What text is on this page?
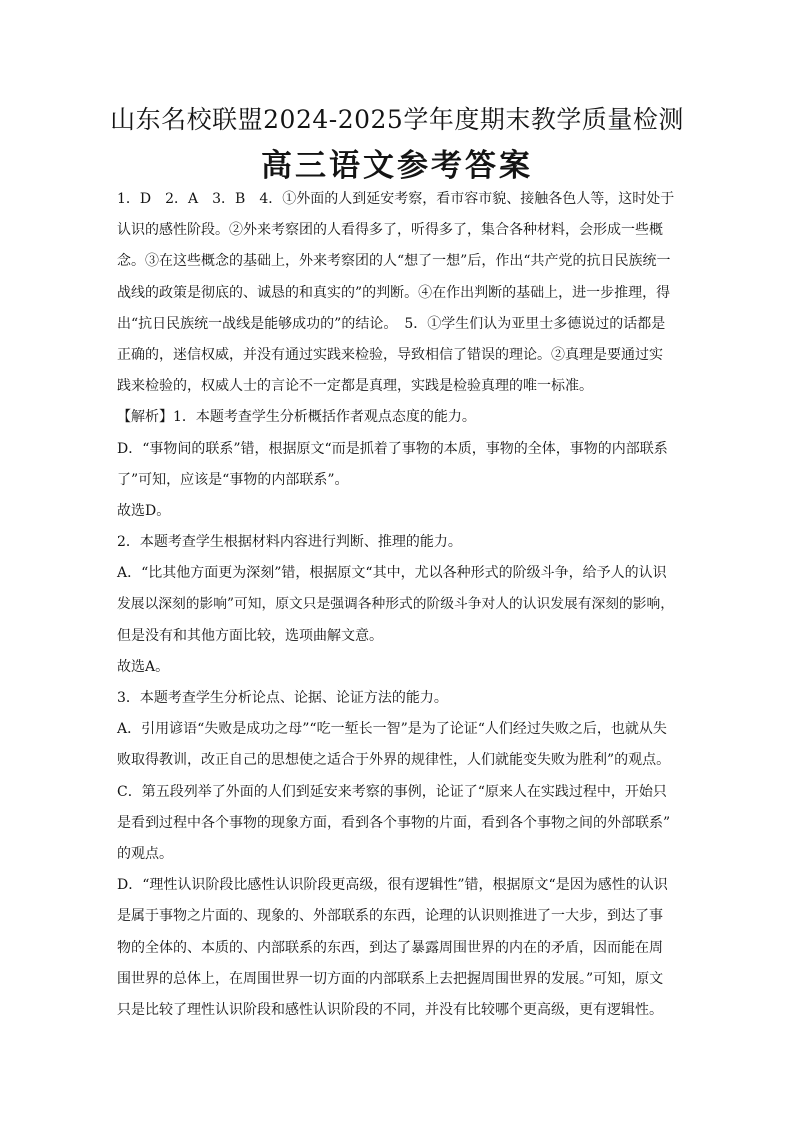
山东名校联盟2024-2025学年度期末教学质量检测
高三语文参考答案
1．D　2．A　3．B　4．①外面的人到延安考察，看市容市貌、接触各色人等，这时处于
认识的感性阶段。②外来考察团的人看得多了，听得多了，集合各种材料，会形成一些概
念。③在这些概念的基础上，外来考察团的人“想了一想”后，作出“共产党的抗日民族统一
战线的政策是彻底的、诚恳的和真实的”的判断。④在作出判断的基础上，进一步推理，得
出“抗日民族统一战线是能够成功的”的结论。　5．①学生们认为亚里士多德说过的话都是
正确的，迷信权威，并没有通过实践来检验，导致相信了错误的理论。②真理是要通过实
践来检验的，权威人士的言论不一定都是真理，实践是检验真理的唯一标准。
【解析】1．本题考查学生分析概括作者观点态度的能力。
D．“事物间的联系”错，根据原文“而是抓着了事物的本质，事物的全体，事物的内部联系
了”可知，应该是“事物的内部联系”。
故选D。
2．本题考查学生根据材料内容进行判断、推理的能力。
A．“比其他方面更为深刻”错，根据原文“其中，尤以各种形式的阶级斗争，给予人的认识
发展以深刻的影响”可知，原文只是强调各种形式的阶级斗争对人的认识发展有深刻的影响，
但是没有和其他方面比较，选项曲解文意。
故选A。
3．本题考查学生分析论点、论据、论证方法的能力。
A．引用谚语“失败是成功之母”“吃一堑长一智”是为了论证“人们经过失败之后，也就从失
败取得教训，改正自己的思想使之适合于外界的规律性，人们就能变失败为胜利”的观点。
C．第五段列举了外面的人们到延安来考察的事例，论证了“原来人在实践过程中，开始只
是看到过程中各个事物的现象方面，看到各个事物的片面，看到各个事物之间的外部联系”
的观点。
D．“理性认识阶段比感性认识阶段更高级，很有逻辑性”错，根据原文“是因为感性的认识
是属于事物之片面的、现象的、外部联系的东西，论理的认识则推进了一大步，到达了事
物的全体的、本质的、内部联系的东西，到达了暴露周围世界的内在的矛盾，因而能在周
围世界的总体上，在周围世界一切方面的内部联系上去把握周围世界的发展。”可知，原文
只是比较了理性认识阶段和感性认识阶段的不同，并没有比较哪个更高级，更有逻辑性。
